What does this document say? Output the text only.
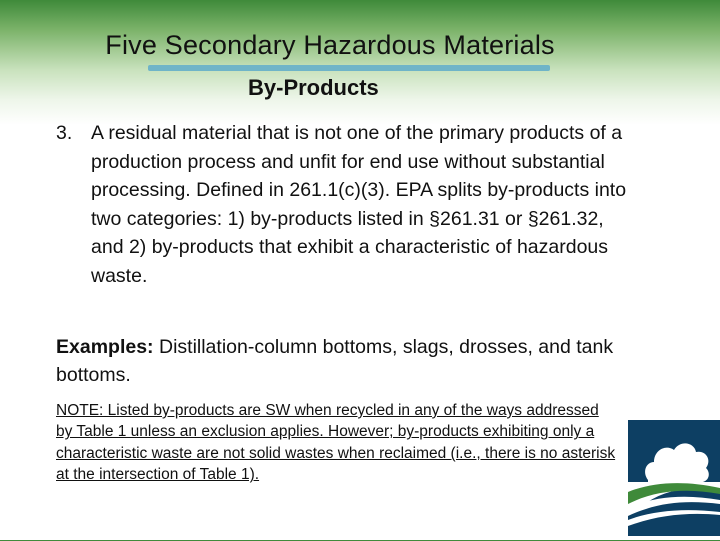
Five Secondary Hazardous Materials
By-Products
3. A residual material that is not one of the primary products of a production process and unfit for end use without substantial processing. Defined in 261.1(c)(3). EPA splits by-products into two categories: 1) by-products listed in §261.31 or §261.32, and 2) by-products that exhibit a characteristic of hazardous waste.
Examples: Distillation-column bottoms, slags, drosses, and tank bottoms.
NOTE: Listed by-products are SW when recycled in any of the ways addressed by Table 1 unless an exclusion applies. However; by-products exhibiting only a characteristic waste are not solid wastes when reclaimed (i.e., there is no asterisk at the intersection of Table 1).
